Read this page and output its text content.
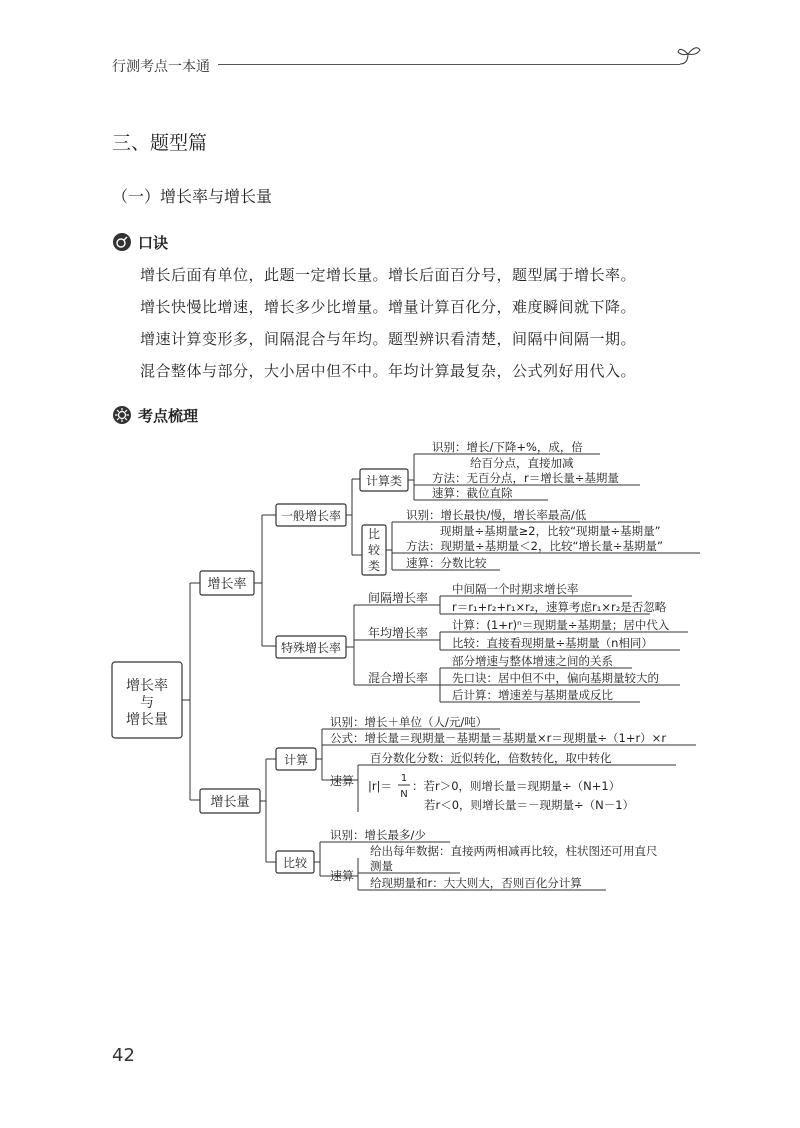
行测考点一本通
三、题型篇
（一）增长率与增长量
口诀
增长后面有单位，此题一定增长量。增长后面百分号，题型属于增长率。
增长快慢比增速，增长多少比增量。增量计算百化分，难度瞬间就下降。
增速计算变形多，间隔混合与年均。题型辨识看清楚，间隔中间隔一期。
混合整体与部分，大小居中但不中。年均计算最复杂，公式列好用代入。
考点梳理
增长率
与
增长量
增长率
一般增长率
计算类
识别：增长/下降+%，成，倍
给百分点，直接加减
方法：无百分点，r＝增长量÷基期量
速算：截位直除
比
较
类
识别：增长最快/慢，增长率最高/低
现期量÷基期量≥2，比较“现期量÷基期量”
方法：现期量÷基期量＜2，比较“增长量÷基期量”
速算：分数比较
特殊增长率
间隔增长率
中间隔一个时期求增长率
r＝r₁+r₂+r₁×r₂，速算考虑r₁×r₂是否忽略
年均增长率
计算：(1+r)ⁿ＝现期量÷基期量；居中代入
比较：直接看现期量÷基期量（n相同）
混合增长率
部分增速与整体增速之间的关系
先口诀：居中但不中，偏向基期量较大的
后计算：增速差与基期量成反比
增长量
计算
识别：增长＋单位（人/元/吨）
公式：增长量＝现期量－基期量＝基期量×r＝现期量÷（1+r）×r
速算
百分数化分数：近似转化，倍数转化，取中转化
|r|＝
1
N
：若r＞0，则增长量＝现期量÷（N+1）
若r＜0，则增长量＝－现期量÷（N－1）
比较
识别：增长最多/少
速算
给出每年数据：直接两两相减再比较，柱状图还可用直尺
测量
给现期量和r：大大则大，否则百化分计算
42
